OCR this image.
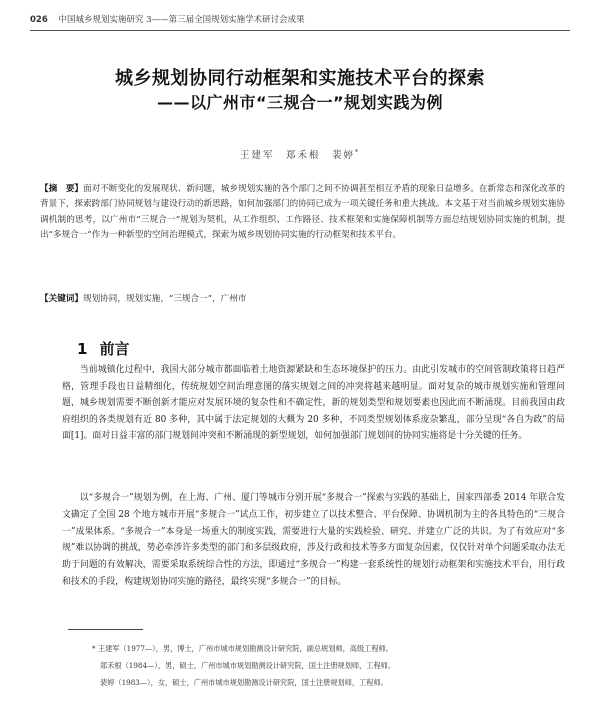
026 中国城乡规划实施研究 3——第三届全国规划实施学术研讨会成果
城乡规划协同行动框架和实施技术平台的探索
——以广州市“三规合一”规划实践为例
王建军　郑禾根　裴婷*
【摘　要】面对不断变化的发展现状、新问题，城乡规划实施的各个部门之间不协调甚至相互矛盾的现象日益增多。在新常态和深化改革的背景下，探索跨部门协同规划与建设行动的新思路，如何加强部门的协同已成为一项关键任务和重大挑战。本文基于对当前城乡规划实施协调机制的思考，以广州市“三规合一”规划为契机，从工作组织、工作路径、技术框架和实施保障机制等方面总结规划协同实施的机制，提出“多规合一”作为一种新型的空间治理模式，探索为城乡规划协同实施的行动框架和技术平台。
【关键词】规划协同，规划实施，“三规合一”，广州市
1 前言
当前城镇化过程中，我国大部分城市都面临着土地资源紧缺和生态环境保护的压力。由此引发城市的空间管制政策将日趋严格，管理手段也日益精细化，传统规划空间治理意图的落实规划之间的冲突将越来越明显。面对复杂的城市规划实施和管理问题，城乡规划需要不断创新才能应对发展环境的复杂性和不确定性，新的规划类型和规划要素也因此而不断涌现。目前我国由政府组织的各类规划有近 80 多种，其中属于法定规划的大概为 20 多种，不同类型规划体系庞杂繁乱，部分呈现“各自为政”的局面[1]。面对日益丰富的部门规划间冲突和不断涌现的新型规划，如何加强部门规划间的协同实施将是十分关键的任务。
以“多规合一”规划为例，在上海、广州、厦门等城市分别开展“多规合一”探索与实践的基础上，国家四部委 2014 年联合发文确定了全国 28 个地方城市开展“多规合一”试点工作，初步建立了以技术整合、平台保障、协调机制为主的各具特色的“三规合一”成果体系。“多规合一”本身是一场重大的制度实践，需要进行大量的实践检验、研究、并建立广泛的共识。为了有效应对“多规”难以协调的挑战，势必牵涉许多类型的部门和多层级政府，涉及行政和技术等多方面复杂因素，仅仅针对单个问题采取办法无助于问题的有效解决，需要采取系统综合性的方法，即通过“多规合一”构建一套系统性的规划行动框架和实施技术平台，用行政和技术的手段，构建规划协同实施的路径，最终实现“多规合一”的目标。
* 王建军（1977—），男，博士，广州市城市规划勘测设计研究院，副总规划师，高级工程师。
郑禾根（1984—），男，硕士，广州市城市规划勘测设计研究院，国土注册规划师，工程师。
裴婷（1983—），女，硕士，广州市城市规划勘测设计研究院，国土注册规划师，工程师。
